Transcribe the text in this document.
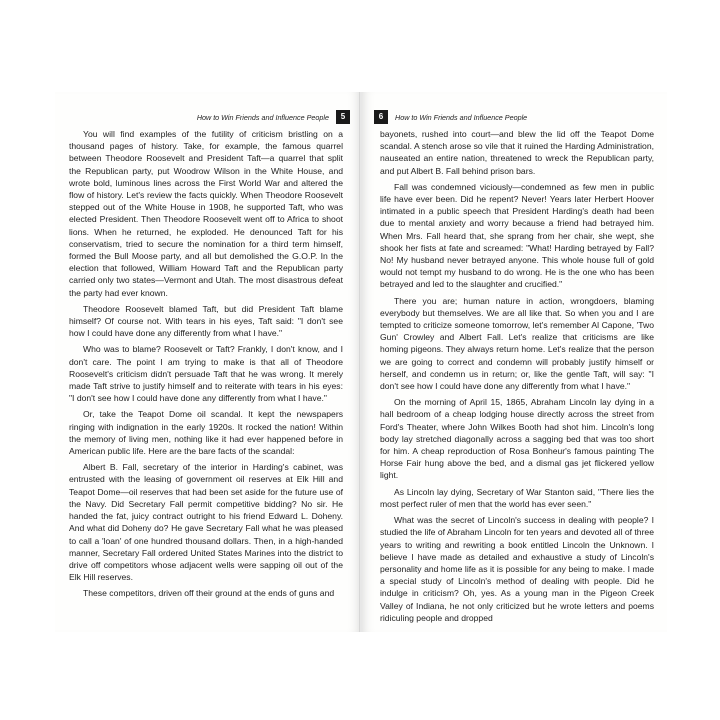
How to Win Friends and Influence People	5

You will find examples of the futility of criticism bristling on a thousand pages of history. Take, for example, the famous quarrel between Theodore Roosevelt and President Taft—a quarrel that split the Republican party, put Woodrow Wilson in the White House, and wrote bold, luminous lines across the First World War and altered the flow of history. Let's review the facts quickly. When Theodore Roosevelt stepped out of the White House in 1908, he supported Taft, who was elected President. Then Theodore Roosevelt went off to Africa to shoot lions. When he returned, he exploded. He denounced Taft for his conservatism, tried to secure the nomination for a third term himself, formed the Bull Moose party, and all but demolished the G.O.P. In the election that followed, William Howard Taft and the Republican party carried only two states—Vermont and Utah. The most disastrous defeat the party had ever known.

Theodore Roosevelt blamed Taft, but did President Taft blame himself? Of course not. With tears in his eyes, Taft said: "I don't see how I could have done any differently from what I have."

Who was to blame? Roosevelt or Taft? Frankly, I don't know, and I don't care. The point I am trying to make is that all of Theodore Roosevelt's criticism didn't persuade Taft that he was wrong. It merely made Taft strive to justify himself and to reiterate with tears in his eyes: "I don't see how I could have done any differently from what I have."

Or, take the Teapot Dome oil scandal. It kept the newspapers ringing with indignation in the early 1920s. It rocked the nation! Within the memory of living men, nothing like it had ever happened before in American public life. Here are the bare facts of the scandal:

Albert B. Fall, secretary of the interior in Harding's cabinet, was entrusted with the leasing of government oil reserves at Elk Hill and Teapot Dome—oil reserves that had been set aside for the future use of the Navy. Did Secretary Fall permit competitive bidding? No sir. He handed the fat, juicy contract outright to his friend Edward L. Doheny. And what did Doheny do? He gave Secretary Fall what he was pleased to call a 'loan' of one hundred thousand dollars. Then, in a high-handed manner, Secretary Fall ordered United States Marines into the district to drive off competitors whose adjacent wells were sapping oil out of the Elk Hill reserves.

These competitors, driven off their ground at the ends of guns and

6	How to Win Friends and Influence People

bayonets, rushed into court—and blew the lid off the Teapot Dome scandal. A stench arose so vile that it ruined the Harding Administration, nauseated an entire nation, threatened to wreck the Republican party, and put Albert B. Fall behind prison bars.

Fall was condemned viciously—condemned as few men in public life have ever been. Did he repent? Never! Years later Herbert Hoover intimated in a public speech that President Harding's death had been due to mental anxiety and worry because a friend had betrayed him. When Mrs. Fall heard that, she sprang from her chair, she wept, she shook her fists at fate and screamed: "What! Harding betrayed by Fall? No! My husband never betrayed anyone. This whole house full of gold would not tempt my husband to do wrong. He is the one who has been betrayed and led to the slaughter and crucified."

There you are; human nature in action, wrongdoers, blaming everybody but themselves. We are all like that. So when you and I are tempted to criticize someone tomorrow, let's remember Al Capone, 'Two Gun' Crowley and Albert Fall. Let's realize that criticisms are like homing pigeons. They always return home. Let's realize that the person we are going to correct and condemn will probably justify himself or herself, and condemn us in return; or, like the gentle Taft, will say: "I don't see how I could have done any differently from what I have."

On the morning of April 15, 1865, Abraham Lincoln lay dying in a hall bedroom of a cheap lodging house directly across the street from Ford's Theater, where John Wilkes Booth had shot him. Lincoln's long body lay stretched diagonally across a sagging bed that was too short for him. A cheap reproduction of Rosa Bonheur's famous painting The Horse Fair hung above the bed, and a dismal gas jet flickered yellow light.

As Lincoln lay dying, Secretary of War Stanton said, "There lies the most perfect ruler of men that the world has ever seen."

What was the secret of Lincoln's success in dealing with people? I studied the life of Abraham Lincoln for ten years and devoted all of three years to writing and rewriting a book entitled Lincoln the Unknown. I believe I have made as detailed and exhaustive a study of Lincoln's personality and home life as it is possible for any being to make. I made a special study of Lincoln's method of dealing with people. Did he indulge in criticism? Oh, yes. As a young man in the Pigeon Creek Valley of Indiana, he not only criticized but he wrote letters and poems ridiculing people and dropped
